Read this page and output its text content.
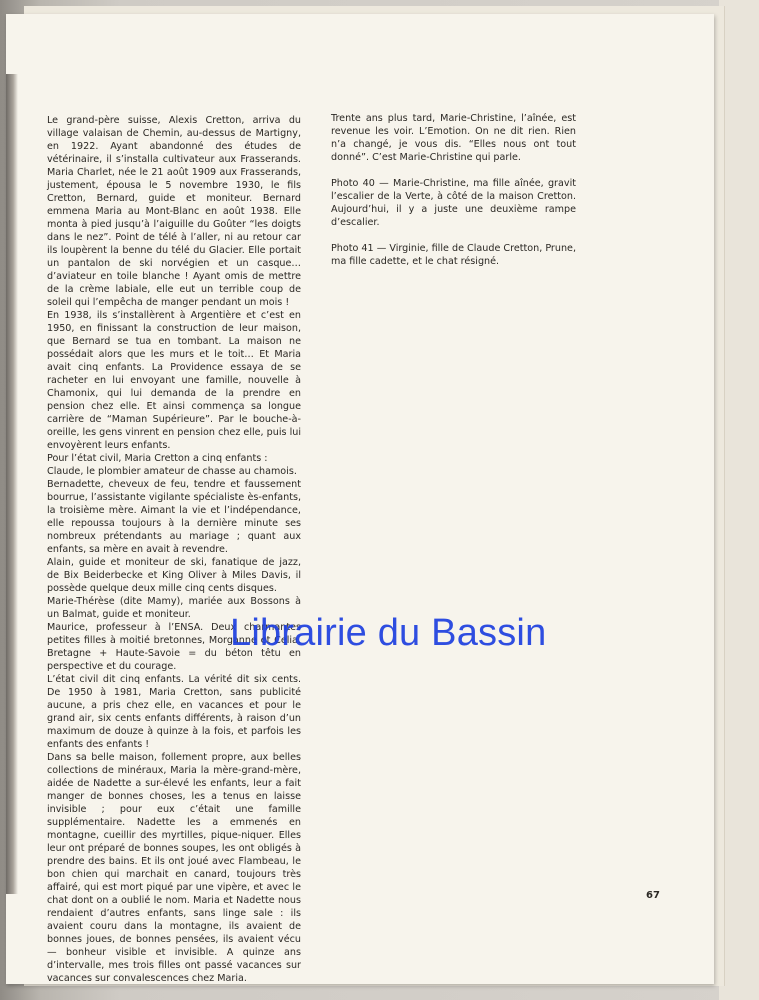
Le grand-père suisse, Alexis Cretton, arriva du village valaisan de Chemin, au-dessus de Martigny, en 1922. Ayant abandonné des études de vétérinaire, il s’installa cultivateur aux Frasserands. Maria Charlet, née le 21 août 1909 aux Frasserands, justement, épousa le 5 novembre 1930, le fils Cretton, Bernard, guide et moniteur. Bernard emmena Maria au Mont-Blanc en août 1938. Elle monta à pied jusqu’à l’aiguille du Goûter “les doigts dans le nez”. Point de télé à l’aller, ni au retour car ils loupèrent la benne du télé du Glacier. Elle portait un pantalon de ski norvégien et un casque… d’aviateur en toile blanche ! Ayant omis de mettre de la crème labiale, elle eut un terrible coup de soleil qui l’empêcha de manger pendant un mois !

En 1938, ils s’installèrent à Argentière et c’est en 1950, en finissant la construction de leur maison, que Bernard se tua en tombant. La maison ne possédait alors que les murs et le toit… Et Maria avait cinq enfants. La Providence essaya de se racheter en lui envoyant une famille, nouvelle à Chamonix, qui lui demanda de la prendre en pension chez elle. Et ainsi commença sa longue carrière de “Maman Supérieure”. Par le bouche-à-oreille, les gens vinrent en pension chez elle, puis lui envoyèrent leurs enfants.

Pour l’état civil, Maria Cretton a cinq enfants :

Claude, le plombier amateur de chasse au chamois.

Bernadette, cheveux de feu, tendre et faussement bourrue, l’assistante vigilante spécialiste ès-enfants, la troisième mère. Aimant la vie et l’indépendance, elle repoussa toujours à la dernière minute ses nombreux prétendants au mariage ; quant aux enfants, sa mère en avait à revendre.

Alain, guide et moniteur de ski, fanatique de jazz, de Bix Beiderbecke et King Oliver à Miles Davis, il possède quelque deux mille cinq cents disques.

Marie-Thérèse (dite Mamy), mariée aux Bossons à un Balmat, guide et moniteur.

Maurice, professeur à l’ENSA. Deux charmantes petites filles à moitié bretonnes, Morganne et Celia. Bretagne + Haute-Savoie = du béton têtu en perspective et du courage.

L’état civil dit cinq enfants. La vérité dit six cents. De 1950 à 1981, Maria Cretton, sans publicité aucune, a pris chez elle, en vacances et pour le grand air, six cents enfants différents, à raison d’un maximum de douze à quinze à la fois, et parfois les enfants des enfants !

Dans sa belle maison, follement propre, aux belles collections de minéraux, Maria la mère-grand-mère, aidée de Nadette a sur-élevé les enfants, leur a fait manger de bonnes choses, les a tenus en laisse invisible ; pour eux c’était une famille supplémentaire. Nadette les a emmenés en montagne, cueillir des myrtilles, pique-niquer. Elles leur ont préparé de bonnes soupes, les ont obligés à prendre des bains. Et ils ont joué avec Flambeau, le bon chien qui marchait en canard, toujours très affairé, qui est mort piqué par une vipère, et avec le chat dont on a oublié le nom. Maria et Nadette nous rendaient d’autres enfants, sans linge sale : ils avaient couru dans la montagne, ils avaient de bonnes joues, de bonnes pensées, ils avaient vécu — bonheur visible et invisible. A quinze ans d’intervalle, mes trois filles ont passé vacances sur vacances sur convalescences chez Maria.

Trente ans plus tard, Marie-Christine, l’aînée, est revenue les voir. L’Emotion. On ne dit rien. Rien n’a changé, je vous dis. “Elles nous ont tout donné”. C’est Marie-Christine qui parle.

Photo 40 — Marie-Christine, ma fille aînée, gravit l’escalier de la Verte, à côté de la maison Cretton. Aujourd’hui, il y a juste une deuxième rampe d’escalier.

Photo 41 — Virginie, fille de Claude Cretton, Prune, ma fille cadette, et le chat résigné.

67
Librairie du Bassin
